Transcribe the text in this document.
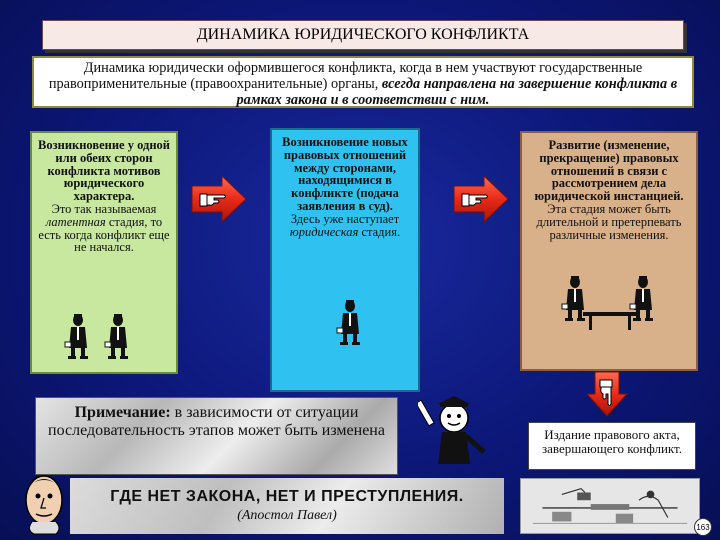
ДИНАМИКА ЮРИДИЧЕСКОГО КОНФЛИКТА
Динамика юридически оформившегося конфликта, когда в нем участвуют государственные правоприменительные (правоохранительные) органы, всегда направлена на завершение конфликта в рамках закона и в соответствии с ним.
Возникновение у одной или обеих сторон конфликта мотивов юридического характера.
Это так называемая латентная стадия, то есть когда конфликт еще не начался.
Возникновение новых правовых отношений между сторонами, находящимися в конфликте (подача заявления в суд).
Здесь уже наступает юридическая стадия.
Развитие (изменение, прекращение) правовых отношений в связи с рассмотрением дела юридической инстанцией.
Эта стадия может быть длительной и претерпевать различные изменения.
Примечание: в зависимости от ситуации последовательность этапов может быть изменена	Издание правового акта, завершающего конфликт.
ГДЕ НЕТ ЗАКОНА, НЕТ И ПРЕСТУПЛЕНИЯ.
(Апостол Павел)
163
